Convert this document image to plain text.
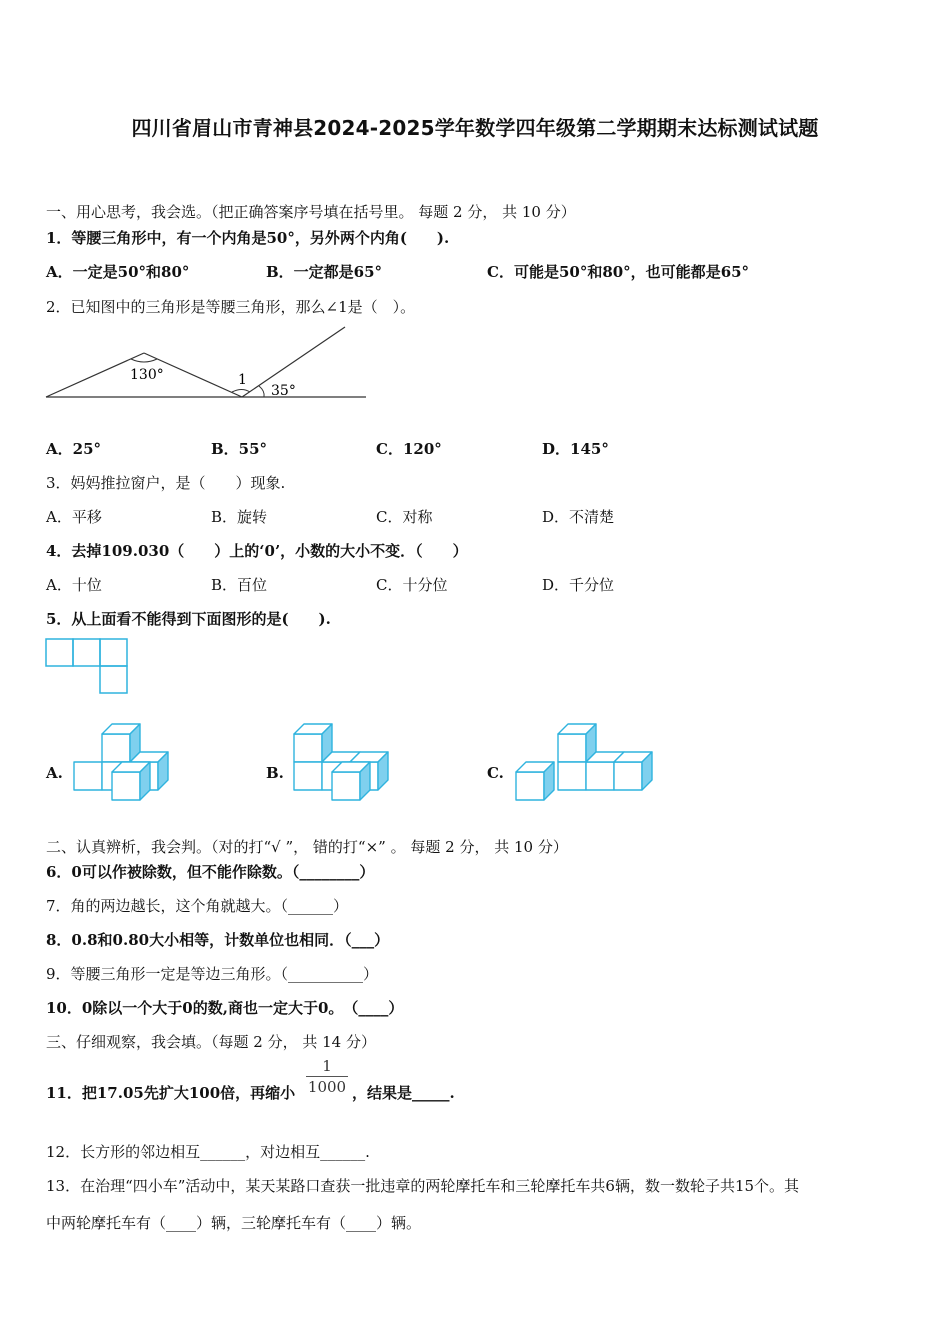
四川省眉山市青神县2024-2025学年数学四年级第二学期期末达标测试试题
一、用心思考，我会选。（把正确答案序号填在括号里。 每题 2 分， 共 10 分）
1．等腰三角形中，有一个内角是50°，另外两个内角(　　).
A．一定是50°和80°	B．一定都是65°	C．可能是50°和80°，也可能都是65°
2．已知图中的三角形是等腰三角形，那么∠1是（　）。
130°	1
35°
A．25°	B．55°	C．120°	D．145°
3．妈妈推拉窗户，是（　　）现象.
A．平移	B．旋转	C．对称	D．不清楚
4．去掉109.030（　　）上的‘0’，小数的大小不变．（　　）
A．十位	B．百位	C．十分位	D．千分位
5．从上面看不能得到下面图形的是(　　).
A.	B.	C.
二、认真辨析，我会判。（对的打“√ ”， 错的打“×” 。 每题 2 分， 共 10 分）
6．0可以作被除数，但不能作除数。（________）
7．角的两边越长，这个角就越大。（______）
8．0.8和0.80大小相等，计数单位也相同．（___）
9．等腰三角形一定是等边三角形。（__________）
10．0除以一个大于0的数,商也一定大于0。　（____）
三、仔细观察，我会填。（每题 2 分， 共 14 分）
11．把17.05先扩大100倍，再缩小
1
1000 ，结果是_____.
12．长方形的邻边相互______，对边相互______.
13．在治理“四小车”活动中，某天某路口查获一批违章的两轮摩托车和三轮摩托车共6辆，数一数轮子共15个。其
中两轮摩托车有（____）辆，三轮摩托车有（____）辆。
